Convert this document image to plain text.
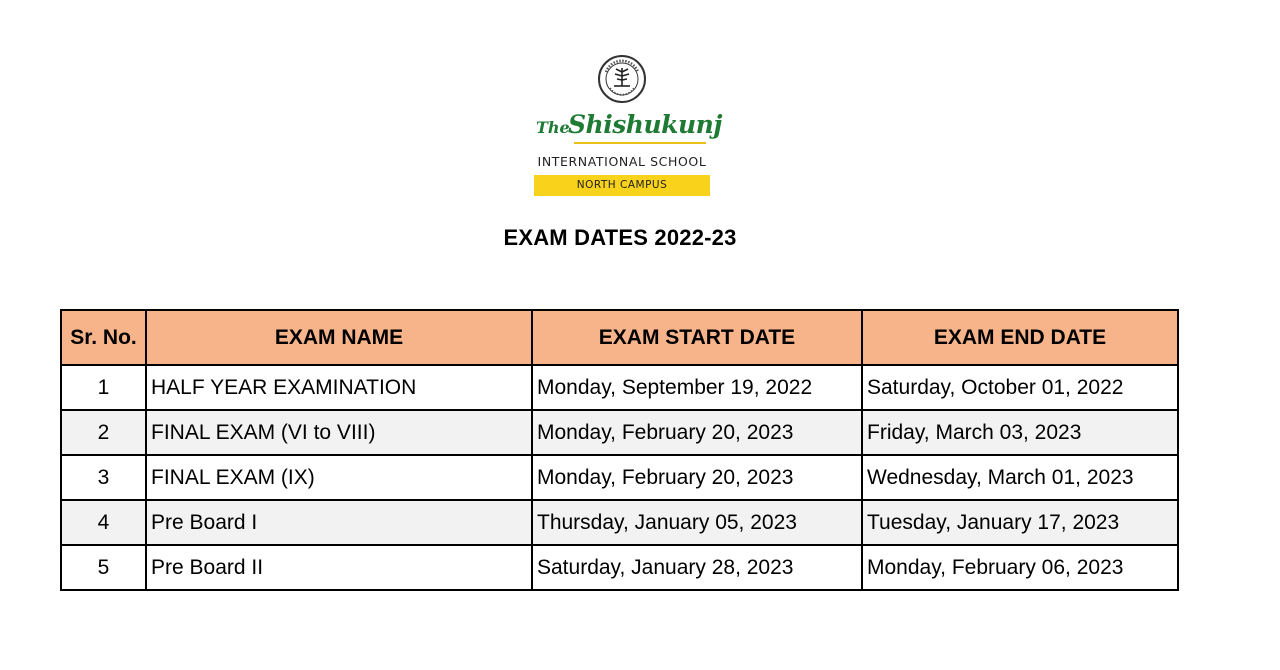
The
Shishukunj
INTERNATIONAL SCHOOL
NORTH CAMPUS
EXAM DATES 2022-23
Sr. No.	EXAM NAME	EXAM START DATE	EXAM END DATE
1	HALF YEAR EXAMINATION	Monday, September 19, 2022	Saturday, October 01, 2022
2	FINAL EXAM (VI to VIII)	Monday, February 20, 2023	Friday, March 03, 2023
3	FINAL EXAM (IX)	Monday, February 20, 2023	Wednesday, March 01, 2023
4	Pre Board I	Thursday, January 05, 2023	Tuesday, January 17, 2023
5	Pre Board II	Saturday, January 28, 2023	Monday, February 06, 2023
